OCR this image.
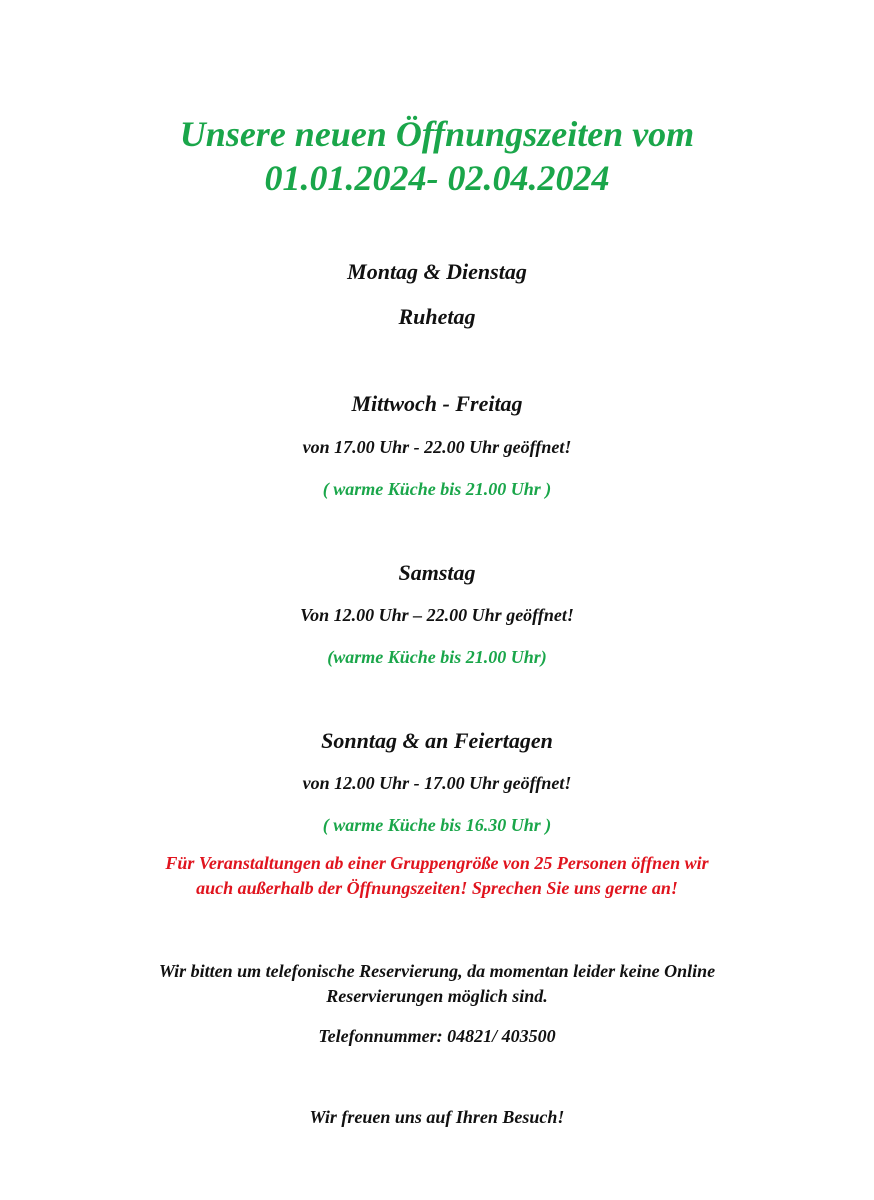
Unsere neuen Öffnungszeiten vom
01.01.2024- 02.04.2024

Montag & Dienstag

Ruhetag

Mittwoch - Freitag

von 17.00 Uhr - 22.00 Uhr geöffnet!

( warme Küche bis 21.00 Uhr )

Samstag

Von 12.00 Uhr – 22.00 Uhr geöffnet!

(warme Küche bis 21.00 Uhr)

Sonntag & an Feiertagen

von 12.00 Uhr - 17.00 Uhr geöffnet!

( warme Küche bis 16.30 Uhr )

Für Veranstaltungen ab einer Gruppengröße von 25 Personen öffnen wir

auch außerhalb der Öffnungszeiten! Sprechen Sie uns gerne an!

Wir bitten um telefonische Reservierung, da momentan leider keine Online

Reservierungen möglich sind.

Telefonnummer: 04821/ 403500

Wir freuen uns auf Ihren Besuch!
